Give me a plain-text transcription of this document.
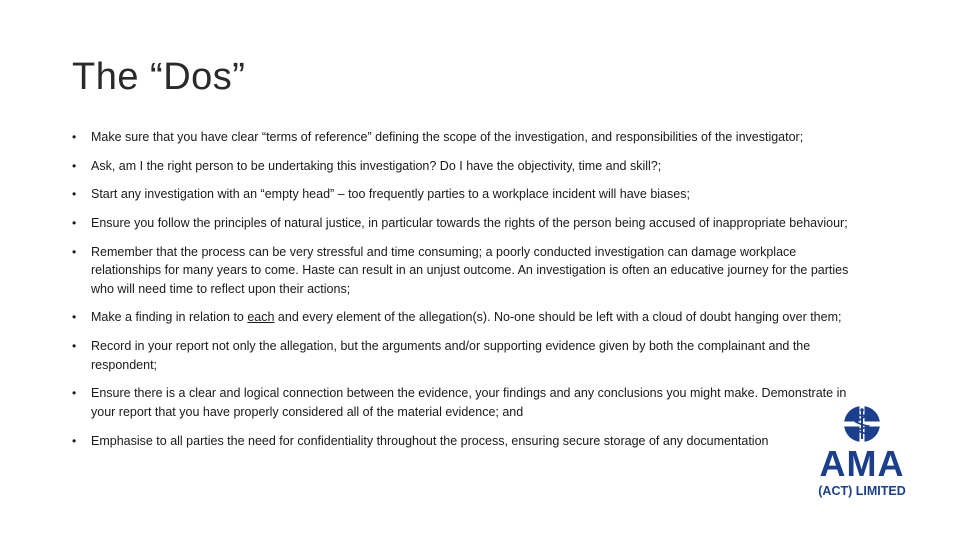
The “Dos”
• Make sure that you have clear “terms of reference” defining the scope of the investigation, and responsibilities of the investigator;
• Ask, am I the right person to be undertaking this investigation? Do I have the objectivity, time and skill?;
• Start any investigation with an “empty head” – too frequently parties to a workplace incident will have biases;
• Ensure you follow the principles of natural justice, in particular towards the rights of the person being accused of inappropriate behaviour;
• Remember that the process can be very stressful and time consuming; a poorly conducted investigation can damage workplace relationships for many years to come. Haste can result in an unjust outcome. An investigation is often an educative journey for the parties who will need time to reflect upon their actions;
• Make a finding in relation to each and every element of the allegation(s). No-one should be left with a cloud of doubt hanging over them;
• Record in your report not only the allegation, but the arguments and/or supporting evidence given by both the complainant and the respondent;
• Ensure there is a clear and logical connection between the evidence, your findings and any conclusions you might make. Demonstrate in your report that you have properly considered all of the material evidence; and
• Emphasise to all parties the need for confidentiality throughout the process, ensuring secure storage of any documentation
AMA
(ACT) LIMITED
